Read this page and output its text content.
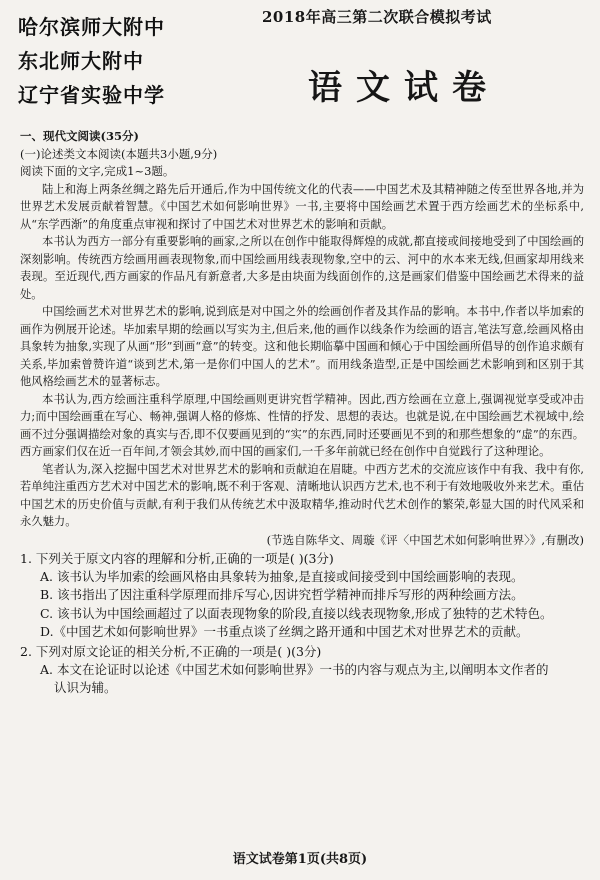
哈尔滨师大附中
东北师大附中
辽宁省实验中学
2018年高三第二次联合模拟考试
语文试卷
一、现代文阅读(35分)
(一)论述类文本阅读(本题共3小题,9分)
阅读下面的文字,完成1~3题。
陆上和海上两条丝绸之路先后开通后,作为中国传统文化的代表——中国艺术及其精神随之传至世界各地,并为世界艺术发展贡献着智慧。《中国艺术如何影响世界》一书,主要将中国绘画艺术置于西方绘画艺术的坐标系中,从“东学西渐”的角度重点审视和探讨了中国艺术对世界艺术的影响和贡献。
本书认为西方一部分有重要影响的画家,之所以在创作中能取得辉煌的成就,都直接或间接地受到了中国绘画的深刻影响。传统西方绘画用画表现物象,而中国绘画用线表现物象,空中的云、河中的水本来无线,但画家却用线来表现。至近现代,西方画家的作品凡有新意者,大多是由块面为线面创作的,这是画家们借鉴中国绘画艺术得来的益处。
中国绘画艺术对世界艺术的影响,说到底是对中国之外的绘画创作者及其作品的影响。本书中,作者以毕加索的画作为例展开论述。毕加索早期的绘画以写实为主,但后来,他的画作以线条作为绘画的语言,笔法写意,绘画风格由具象转为抽象,实现了从画“形”到画“意”的转变。这和他长期临摹中国画和倾心于中国绘画所倡导的创作追求颇有关系,毕加索曾赞许道“谈到艺术,第一是你们中国人的艺术”。而用线条造型,正是中国绘画艺术影响到和区别于其他风格绘画艺术的显著标志。
本书认为,西方绘画注重科学原理,中国绘画则更讲究哲学精神。因此,西方绘画在立意上,强调视觉享受或冲击力;而中国绘画重在写心、畅神,强调人格的修炼、性情的抒发、思想的表达。也就是说,在中国绘画艺术视域中,绘画不过分强调描绘对象的真实与否,即不仅要画见到的“实”的东西,同时还要画见不到的和那些想象的“虚”的东西。西方画家们仅在近一百年间,才领会其妙,而中国的画家们,一千多年前就已经在创作中自觉践行了这种理论。
笔者认为,深入挖掘中国艺术对世界艺术的影响和贡献迫在眉睫。中西方艺术的交流应该作中有我、我中有你,若单纯注重西方艺术对中国艺术的影响,既不利于客观、清晰地认识西方艺术,也不利于有效地吸收外来艺术。重估中国艺术的历史价值与贡献,有利于我们从传统艺术中汲取精华,推动时代艺术创作的繁荣,彰显大国的时代风采和永久魅力。
(节选自陈华文、周璇《评〈中国艺术如何影响世界〉》,有删改)
1. 下列关于原文内容的理解和分析,正确的一项是( )(3分)
A. 该书认为毕加索的绘画风格由具象转为抽象,是直接或间接受到中国绘画影响的表现。
B. 该书指出了因注重科学原理而排斥写心,因讲究哲学精神而排斥写形的两种绘画方法。
C. 该书认为中国绘画超过了以面表现物象的阶段,直接以线表现物象,形成了独特的艺术特色。
D.《中国艺术如何影响世界》一书重点谈了丝绸之路开通和中国艺术对世界艺术的贡献。
2. 下列对原文论证的相关分析,不正确的一项是( )(3分)
A. 本文在论证时以论述《中国艺术如何影响世界》一书的内容与观点为主,以阐明本文作者的
认识为辅。
语文试卷第1页(共8页)
